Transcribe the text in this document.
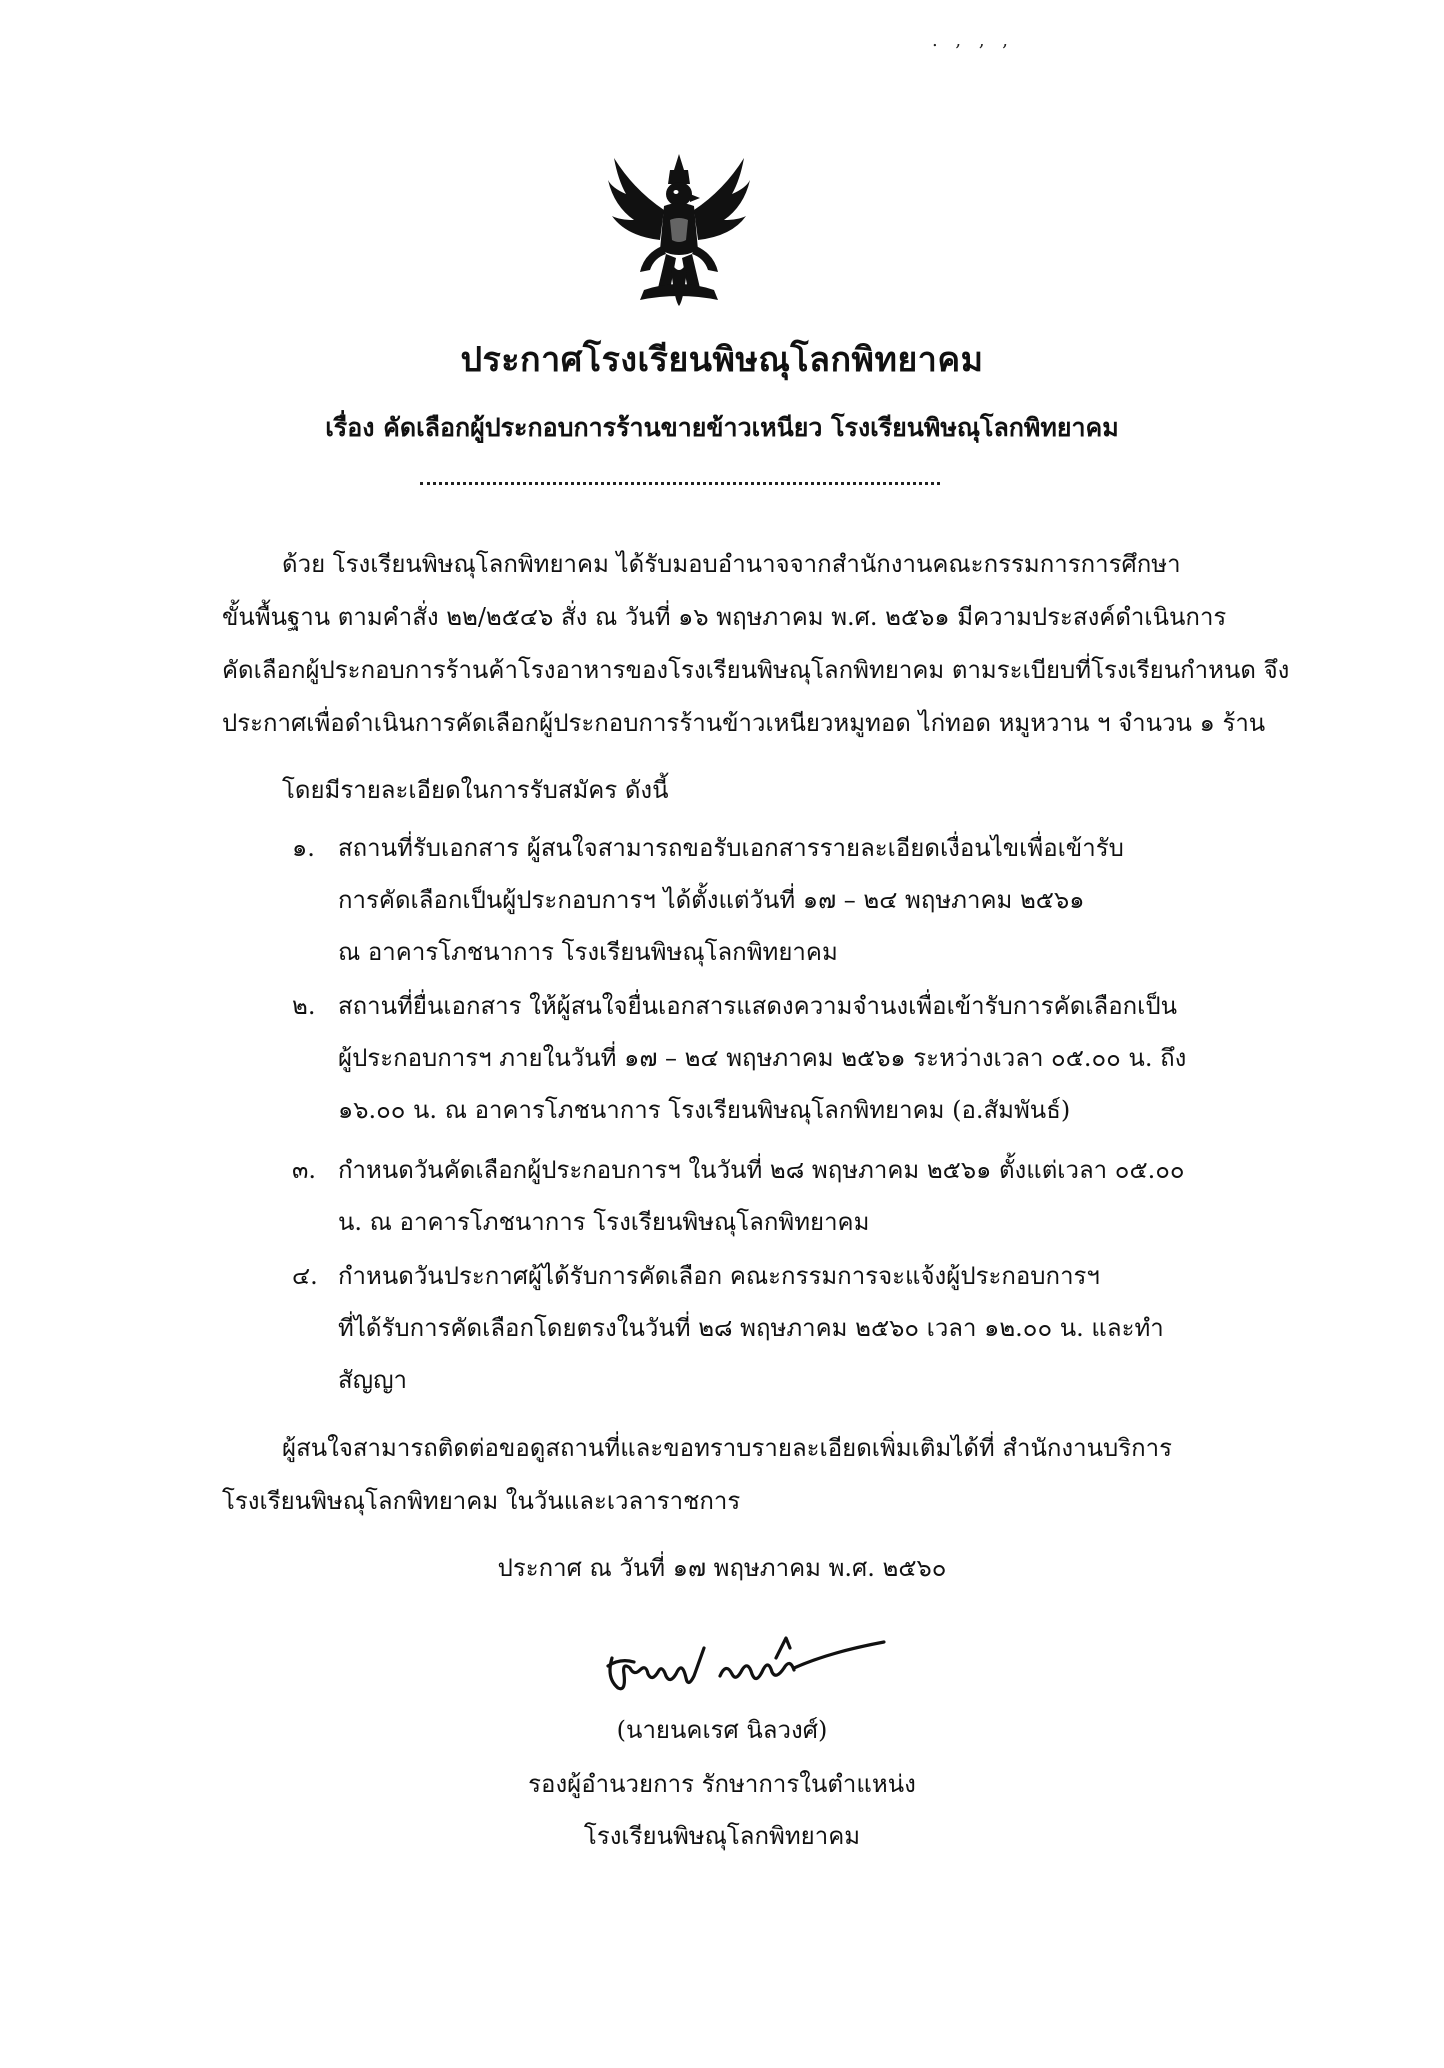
. , , ,
ประกาศโรงเรียนพิษณุโลกพิทยาคม
เรื่อง คัดเลือกผู้ประกอบการร้านขายข้าวเหนียว โรงเรียนพิษณุโลกพิทยาคม
ด้วย โรงเรียนพิษณุโลกพิทยาคม ได้รับมอบอำนาจจากสำนักงานคณะกรรมการการศึกษา
ขั้นพื้นฐาน ตามคำสั่ง ๒๒/๒๕๔๖ สั่ง ณ วันที่ ๑๖ พฤษภาคม พ.ศ. ๒๕๖๑ มีความประสงค์ดำเนินการ
คัดเลือกผู้ประกอบการร้านค้าโรงอาหารของโรงเรียนพิษณุโลกพิทยาคม ตามระเบียบที่โรงเรียนกำหนด จึง
ประกาศเพื่อดำเนินการคัดเลือกผู้ประกอบการร้านข้าวเหนียวหมูทอด ไก่ทอด หมูหวาน ฯ จำนวน ๑ ร้าน
โดยมีรายละเอียดในการรับสมัคร ดังนี้
๑. สถานที่รับเอกสาร ผู้สนใจสามารถขอรับเอกสารรายละเอียดเงื่อนไขเพื่อเข้ารับ
การคัดเลือกเป็นผู้ประกอบการฯ ได้ตั้งแต่วันที่ ๑๗ – ๒๔ พฤษภาคม ๒๕๖๑
ณ อาคารโภชนาการ โรงเรียนพิษณุโลกพิทยาคม
๒. สถานที่ยื่นเอกสาร ให้ผู้สนใจยื่นเอกสารแสดงความจำนงเพื่อเข้ารับการคัดเลือกเป็น
ผู้ประกอบการฯ ภายในวันที่ ๑๗ – ๒๔ พฤษภาคม ๒๕๖๑ ระหว่างเวลา ๐๕.๐๐ น. ถึง
๑๖.๐๐ น. ณ อาคารโภชนาการ โรงเรียนพิษณุโลกพิทยาคม (อ.สัมพันธ์)
๓. กำหนดวันคัดเลือกผู้ประกอบการฯ ในวันที่ ๒๘ พฤษภาคม ๒๕๖๑ ตั้งแต่เวลา ๐๕.๐๐
น. ณ อาคารโภชนาการ โรงเรียนพิษณุโลกพิทยาคม
๔. กำหนดวันประกาศผู้ได้รับการคัดเลือก คณะกรรมการจะแจ้งผู้ประกอบการฯ
ที่ได้รับการคัดเลือกโดยตรงในวันที่ ๒๘ พฤษภาคม ๒๕๖๐ เวลา ๑๒.๐๐ น. และทำ
สัญญา
ผู้สนใจสามารถติดต่อขอดูสถานที่และขอทราบรายละเอียดเพิ่มเติมได้ที่ สำนักงานบริการ
โรงเรียนพิษณุโลกพิทยาคม ในวันและเวลาราชการ
ประกาศ ณ วันที่ ๑๗ พฤษภาคม พ.ศ. ๒๕๖๐
(นายนคเรศ นิลวงศ์)
รองผู้อำนวยการ รักษาการในตำแหน่ง
โรงเรียนพิษณุโลกพิทยาคม
